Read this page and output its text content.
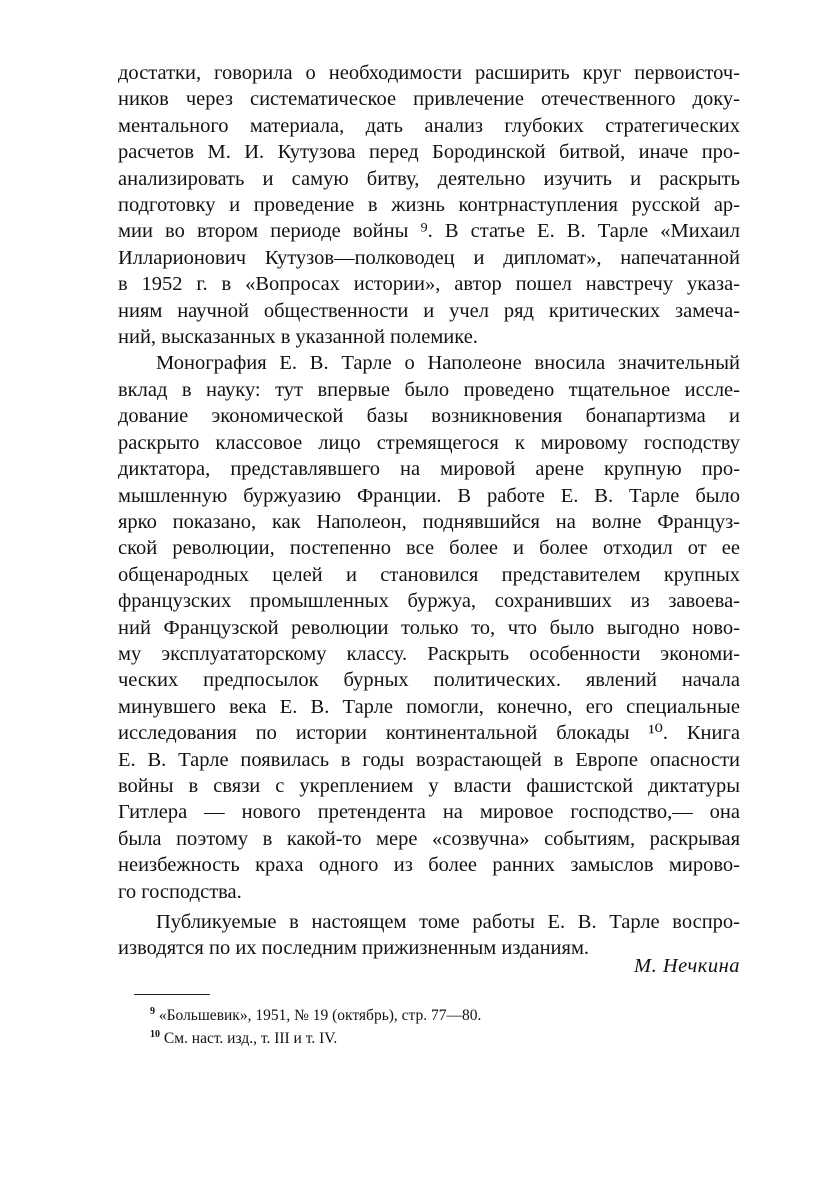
достатки, говорила о необходимости расширить круг первоисточ-
ников через систематическое привлечение отечественного доку-
ментального материала, дать анализ глубоких стратегических
расчетов М. И. Кутузова перед Бородинской битвой, иначе про-
анализировать и самую битву, деятельно изучить и раскрыть
подготовку и проведение в жизнь контрнаступления русской ар-
мии во втором периоде войны ⁹. В статье Е. В. Тарле «Михаил
Илларионович Кутузов—полководец и дипломат», напечатанной
в 1952 г. в «Вопросах истории», автор пошел навстречу указа-
ниям научной общественности и учел ряд критических замеча-
ний, высказанных в указанной полемике.
Монография Е. В. Тарле о Наполеоне вносила значительный
вклад в науку: тут впервые было проведено тщательное иссле-
дование экономической базы возникновения бонапартизма и
раскрыто классовое лицо стремящегося к мировому господству
диктатора, представлявшего на мировой арене крупную про-
мышленную буржуазию Франции. В работе Е. В. Тарле было
ярко показано, как Наполеон, поднявшийся на волне Француз-
ской революции, постепенно все более и более отходил от ее
общенародных целей и становился представителем крупных
французских промышленных буржуа, сохранивших из завоева-
ний Французской революции только то, что было выгодно ново-
му эксплуататорскому классу. Раскрыть особенности экономи-
ческих предпосылок бурных политических. явлений начала
минувшего века Е. В. Тарле помогли, конечно, его специальные
исследования по истории континентальной блокады ¹⁰. Книга
Е. В. Тарле появилась в годы возрастающей в Европе опасности
войны в связи с укреплением у власти фашистской диктатуры
Гитлера — нового претендента на мировое господство,— она
была поэтому в какой-то мере «созвучна» событиям, раскрывая
неизбежность краха одного из более ранних замыслов мирово-
го господства.
Публикуемые в настоящем томе работы Е. В. Тарле воспро-
изводятся по их последним прижизненным изданиям.
М. Нечкина
$^9$ «Большевик», 1951, № 19 (октябрь), стр. 77—80.
$^{10}$ См. наст. изд., т. III и т. IV.
